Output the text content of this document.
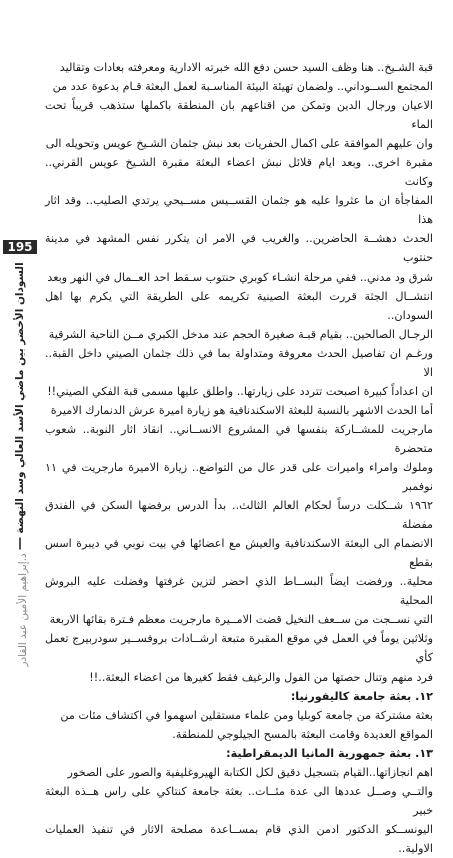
قبة الشـيخ.. هنا وظف السيد حسن دفع الله خبرته الادارية ومعرفته بعادات وتقاليد

المجتمع الســوداني.. ولضمان تهيئة البيئة المناسـبة لعمل البعثة قـام بدعوة عدد من

الاعيان ورجال الدين وتمكن من اقناعهم بان المنطقة باكملها ستذهب قريباً تحت الماء

وان عليهم الموافقة على اكمال الحفريات بعد نبش جثمان الشـيخ عويس وتحويله الى

مقبرة اخرى.. وبعد ايام قلائل نبش اعضاء البعثة مقبرة الشـيخ عويس القرني.. وكانت

المفاجأة ان ما عثروا عليه هو جثمان القســيس مســيحي يرتدي الصليب.. وقد اثار هذا

الحدث دهشــة الحاضرين.. والغريب في الامر ان يتكرر نفس المشهد في مدينة حنتوب

شرق ود مدني.. ففي مرحلة انشـاء كوبري حنتوب سـقط احد العــمال في النهر وبعد

انتشــال الجثة قررت البعثة الصينية تكريمه على الطريقة التي يكرم بها اهل السودان..

الرجـال الصالحين.. بقيام قبـة صغيرة الحجم عند مدخل الكبري مــن الناحية الشرقية

ورغـم ان تفاصيل الحدث معروفة ومتداولة بما في ذلك جثمان الصيني داخل القبة.. الا

ان اعداداً كبيرة اصبحت تتردد على زيارتها.. واطلق عليها مسمى قبة الفكي الصيني!!

أما الحدث الاشهر بالنسبة للبعثة الاسكندنافية هو زيارة اميرة عرش الدنمارك الاميرة

مارجريت للمشــاركة بنفسها في المشروع الانســاني.. انقاذ اثار النوبة.. شعوب متحضرة

وملوك وامراء واميرات على قدر عال من التواضع.. زيارة الاميرة مارجريت في ١١ نوفمبر

١٩٦٢ شــكلت درساً لحكام العالم الثالث.. بدأ الدرس برفضها السكن في الفندق مفضلة

الانضمام الى البعثة الاسكندنافية والعيش مع اعضائها في بيت نوبي في ديبرة اسس بقطع

محلية.. ورفضت ايضاً البســاط الذي احضر لتزين غرفتها وفضلت عليه البروش المحلية

التي نســجت من ســعف النخيل قضت الامــيرة مارجريت معظم فـترة بقائها الاربعة

وثلاثين يوماً في العمل في موقع المقبرة متبعة ارشــادات بروفســير سودربيرج تعمل كأي

فرد منهم وتنال حصتها من الفول والرغيف فقط كغيرها من اعضاء البعثة..!!

١٢. بعثة جامعة كاليفورنيا:

بعثة مشتركة من جامعة كوبليا ومن علماء مستقلين اسهموا في اكتشاف مئات من

المواقع العديدة وقامت البعثة بالمسح الجيلوجي للمنطقة.

١٣. بعثة جمهورية المانيا الديمقراطية:

اهم انجازاتها..القيام بتسجيل دقيق لكل الكتابة الهيروغليفية والصور على الصخور

والتــي وصــل عددها الى عدة مئــات.. بعثة جامعة كنتاكي على راس هــذه البعثة خبير

اليونســكو الدكتور ادمن الذي قام بمســاعدة مصلحة الاثار في تنفيذ العمليات الاولية..

195
السودان الأخضر بين ماضي الأسد العالي وسد النهضة
د.إبراهيم الأمين عبد القادر
